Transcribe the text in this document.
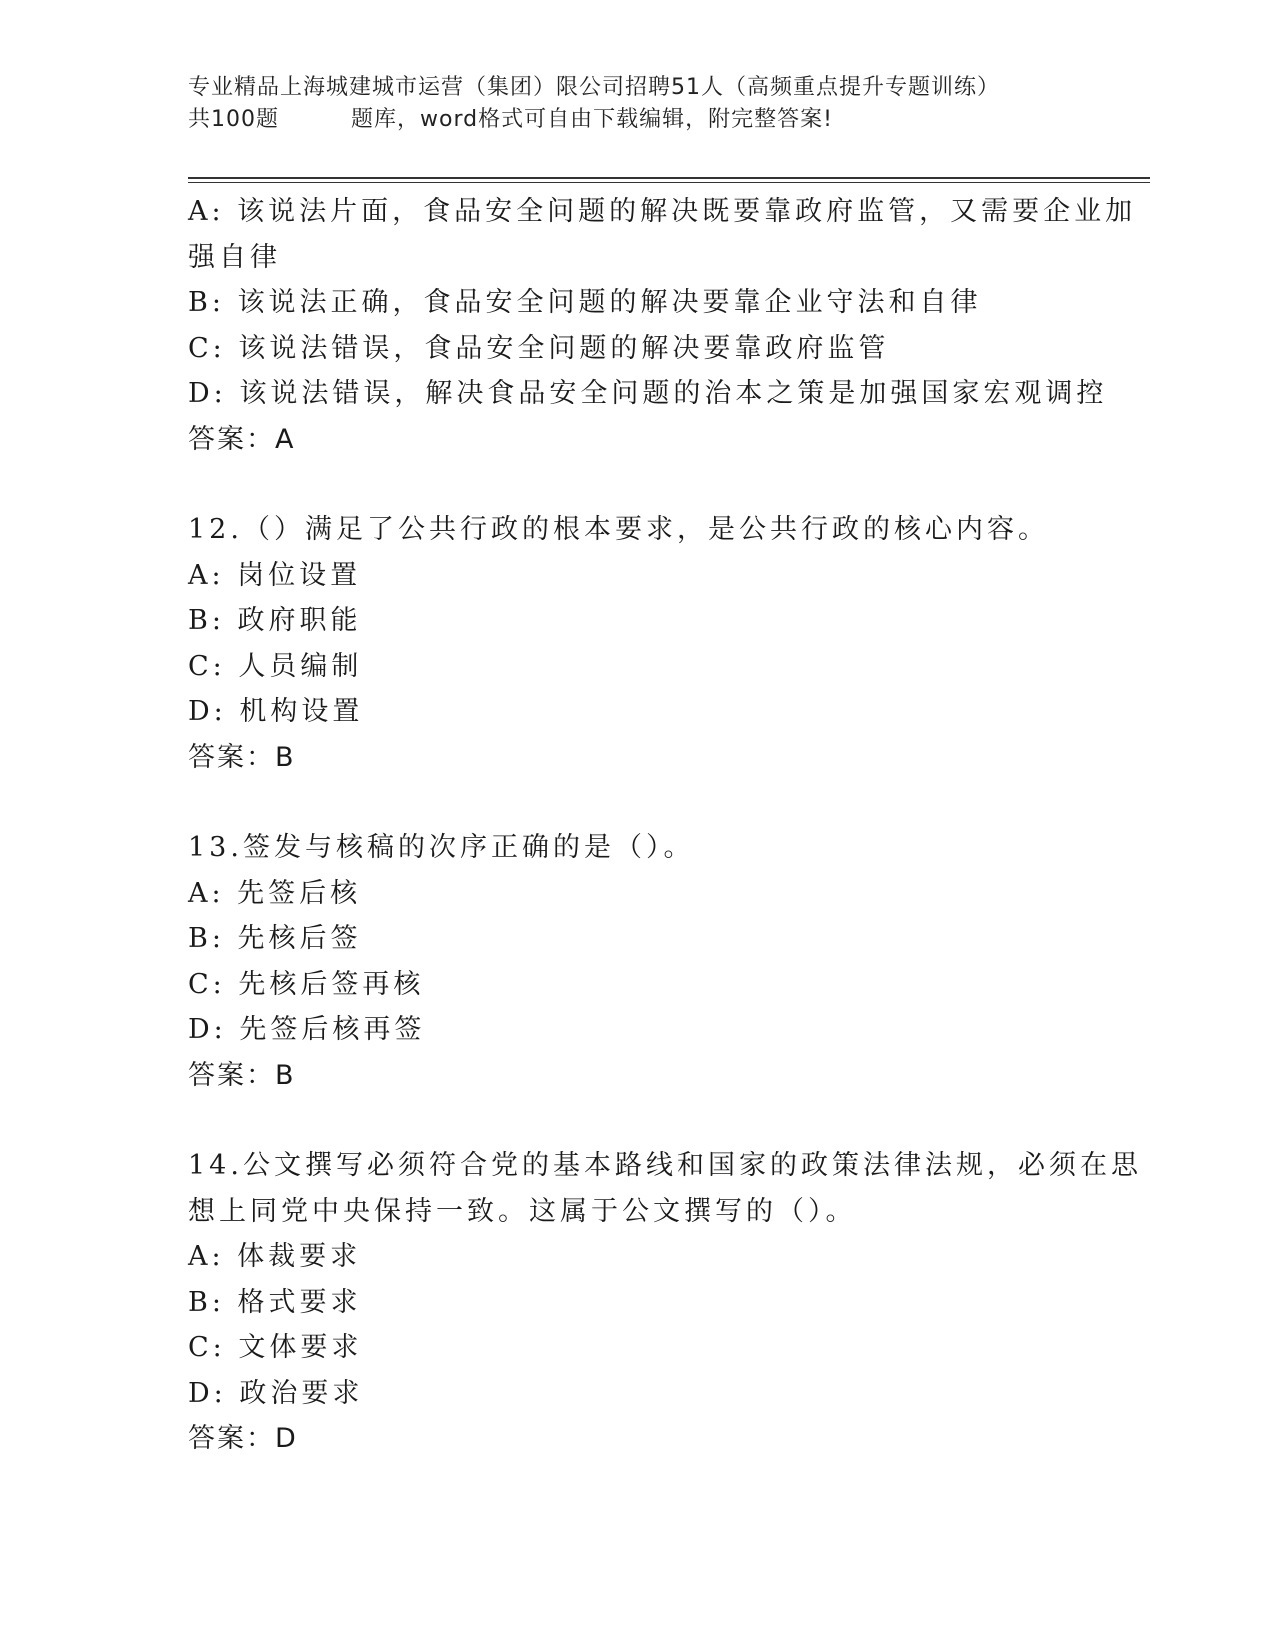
专业精品上海城建城市运营（集团）限公司招聘51人（高频重点提升专题训练）
共100题	题库，word格式可自由下载编辑，附完整答案!
A: 该说法片面，食品安全问题的解决既要靠政府监管，又需要企业加
强自律
B: 该说法正确，食品安全问题的解决要靠企业守法和自律
C: 该说法错误，食品安全问题的解决要靠政府监管
D: 该说法错误，解决食品安全问题的治本之策是加强国家宏观调控
答案：A
12.（）满足了公共行政的根本要求，是公共行政的核心内容。
A: 岗位设置
B: 政府职能
C: 人员编制
D: 机构设置
答案：B
13.签发与核稿的次序正确的是（）。
A: 先签后核
B: 先核后签
C: 先核后签再核
D: 先签后核再签
答案：B
14.公文撰写必须符合党的基本路线和国家的政策法律法规，必须在思
想上同党中央保持一致。这属于公文撰写的（）。
A: 体裁要求
B: 格式要求
C: 文体要求
D: 政治要求
答案：D
